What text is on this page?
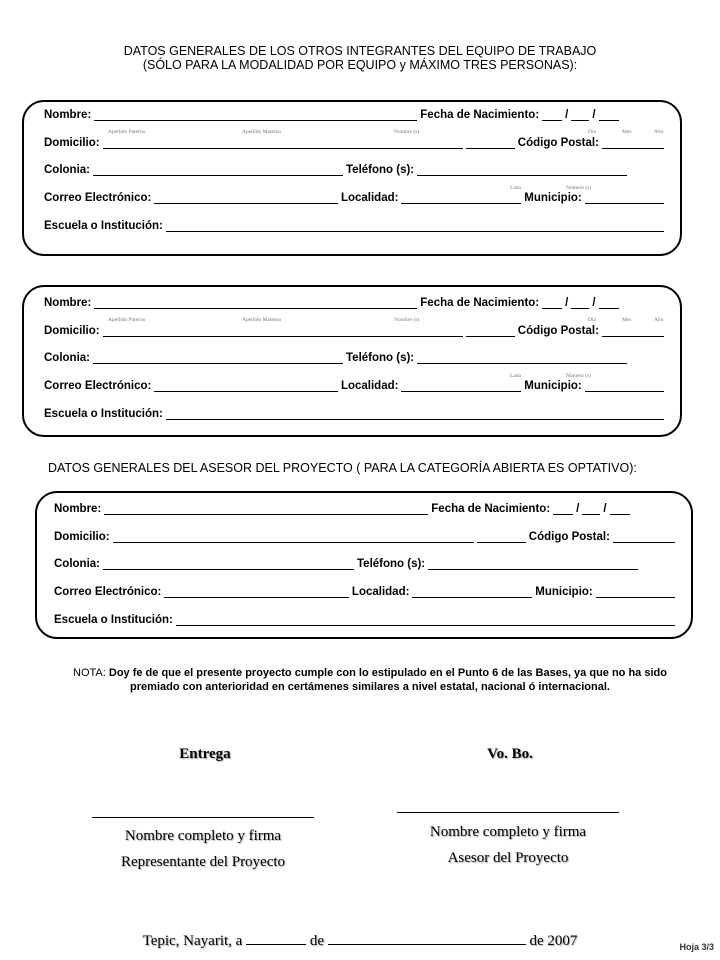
DATOS GENERALES DE LOS OTROS INTEGRANTES DEL EQUIPO DE TRABAJO
(SÓLO PARA LA MODALIDAD POR EQUIPO y MÁXIMO TRES PERSONAS):
DATOS GENERALES DEL ASESOR DEL PROYECTO ( PARA LA CATEGORÍA ABIERTA ES OPTATIVO):
Nombre:	Fecha de Nacimiento: / /
Domicilio:	Código Postal:
Colonia:	Teléfono (s):
Correo Electrónico:	Localidad:	Municipio:
Escuela o Institución:
Apellido Paterno	Apellido Materno	Nombre (s)	Día	Mes	Año
Lada	Número (s)
Nombre:	Fecha de Nacimiento: / /
Domicilio:	Código Postal:
Colonia:	Teléfono (s):
Correo Electrónico:	Localidad:	Municipio:
Escuela o Institución:
Apellido Paterno	Apellido Materno	Nombre (s)	Día	Mes	Año
Lada	Número (s)
Nombre:	Fecha de Nacimiento: / /
Domicilio:	Código Postal:
Colonia:	Teléfono (s):
Correo Electrónico:	Localidad:	Municipio:
Escuela o Institución:
NOTA: Doy fe de que el presente proyecto cumple con lo estipulado en el Punto 6 de las Bases, ya que no ha sido premiado con anterioridad en certámenes similares a nivel estatal, nacional ó internacional.
Entrega	Vo. Bo.
Nombre completo y firma
Representante del Proyecto
Nombre completo y firma
Asesor del Proyecto
Tepic, Nayarit, a	de	de 2007	Hoja 3/3
